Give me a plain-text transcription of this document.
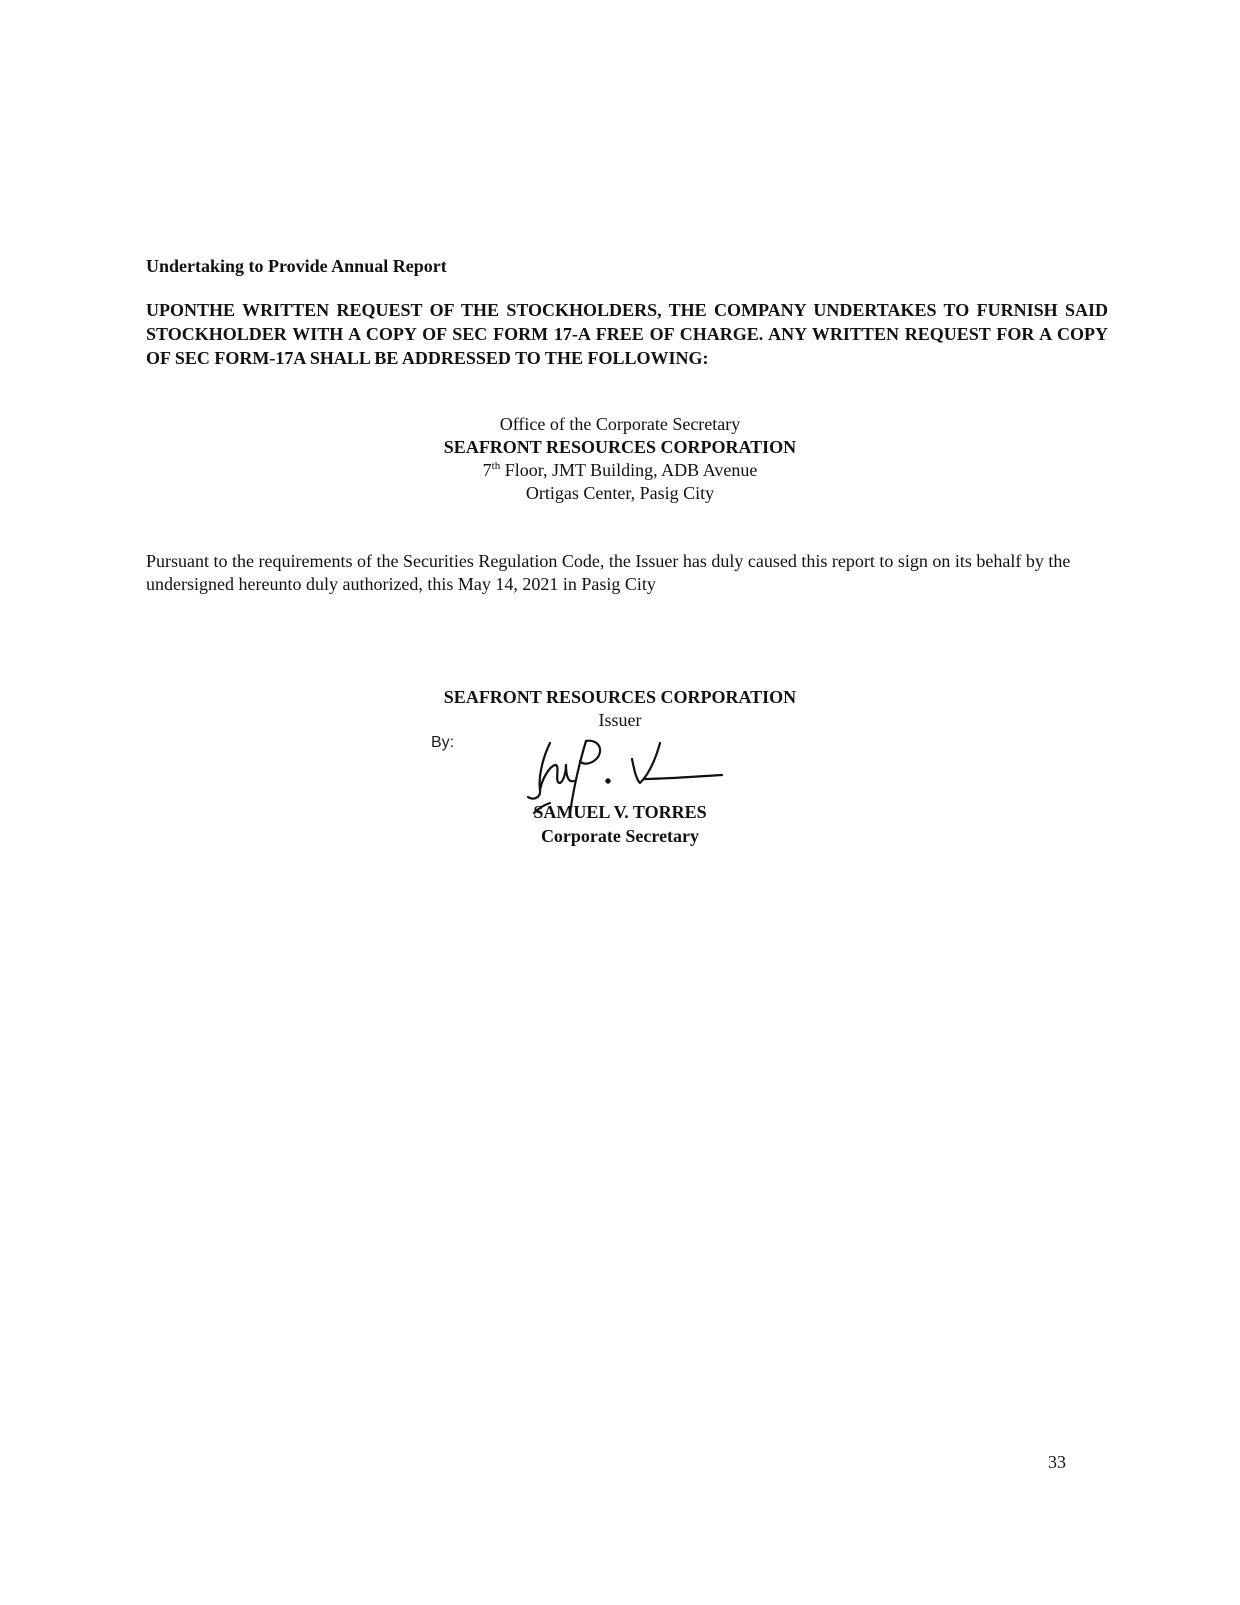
Undertaking to Provide Annual Report

UPONTHE WRITTEN REQUEST OF THE STOCKHOLDERS, THE COMPANY UNDERTAKES TO FURNISH SAID STOCKHOLDER WITH A COPY OF SEC FORM 17-A FREE OF CHARGE. ANY WRITTEN REQUEST FOR A COPY OF SEC FORM-17A SHALL BE ADDRESSED TO THE FOLLOWING:

Office of the Corporate Secretary
SEAFRONT RESOURCES CORPORATION
7th Floor, JMT Building, ADB Avenue
Ortigas Center, Pasig City

Pursuant to the requirements of the Securities Regulation Code, the Issuer has duly caused this report to sign on its behalf by the undersigned hereunto duly authorized, this May 14, 2021 in Pasig City

SEAFRONT RESOURCES CORPORATION
Issuer
By:
SAMUEL V. TORRES
Corporate Secretary
33
